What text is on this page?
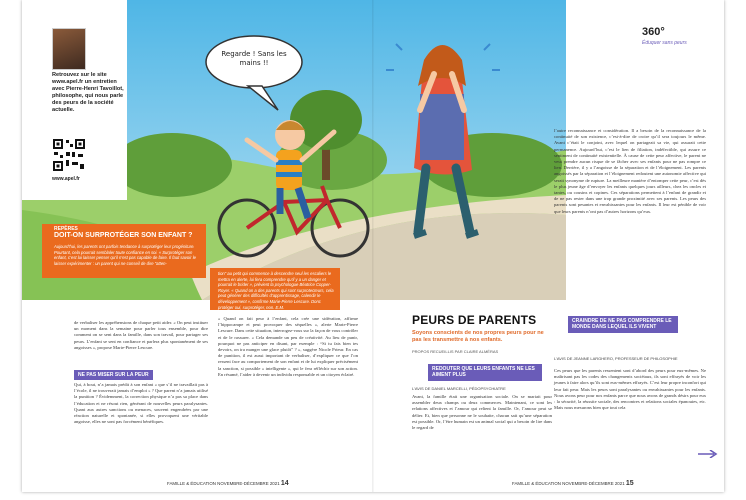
Regarde ! Sans les mains !!
Retrouvez sur le site www.apel.fr un entretien avec Pierre-Henri Tavoillot, philosophe, qui nous parle des peurs de la société actuelle.
www.apel.fr
REPÈRES
DOIT-ON SURPROTÉGER SON ENFANT ?
Aujourd’hui, les parents ont parfois tendance à surprotéger leur progéniture. Pourtant, cela pourrait semblaler toute confiance en soi. « Surprotéger son enfant, c’est lui laisser penser qu’il n’est pas capable de faire. Il faut savoir le laisser expérimenter : un parent qui ne conseil de dire “atten-
tion” au petit qui commence à descendre seul les escaliers le mettra en alerte, lui fera comprendre qu’il y a un danger et pourrait le brider », prévient la psychologue Béatrice Copper-Royer. « Quand on a des parents qui sont surprotecteurs, cela peut générer des difficultés d’apprentissage, calendir le développement », confirme Marie-Pierre Lescure. Donc protéger oui, surprotéger, non. E.M.

de verbaliser les appréhensions de chaque petit aider. « On peut instituer un moment dans la semaine pour parler tous ensemble, pour dire comment on se sent dans la famille, dans son travail, pour partager ses peurs. L’enfant se sent en confiance et parlera plus spontanément de ses angoisses », propose Marie-Pierre Lescure.

NE PAS MISER SUR LA PEUR

Qui, à bout, n’a jamais prédit à son enfant « que s’il ne travaillait pas à l’école, il ne trouverait jamais d’emploi » ? Que parent n’a jamais utilisé la punition ? Évidemment, la correction physique n’a pas sa place dans l’éducation et ne résout rien, générant de nouvelles peurs paralysantes. Quant aux autres sanctions ou menaces, souvent engendrées par une réaction naturelle et spontanée, si elles provoquent une véritable angoisse, elles ne sont pas forcément bénéfiques.

« Quand on fait peur à l’enfant, cela crée une sidération, affirme l’hippocampe et peut provoquer des séquelles », alerte Marie-Pierre Lescure. Dans cette situation, interrogez-vous sur la façon de vous contrôler et de le rassurer. « Cela demande un peu de créativité. Au lieu de punir, pourquoi ne pas anticiper en disant, par exemple : “Si tu fais bien tes devoirs, on ira manger une glace plutôt” ? », suggère Nicole Prieur. En cas de punition, il est aussi important de verbaliser, d’expliquer ce que l’on ressent face au comportement de son enfant et de lui expliquer précisément la sanction, si possible « intelligente », qui le fera réfléchir sur son action. En résumé, l’aider à devenir un individu responsable et un citoyen éclairé.

360°
Éduquer sans peurs

l’autre reconnaissance et considération. Il a besoin de la reconnaissance de la continuité de son existence, c’est-à-dire de croire qu’il sera toujours le même. Avant c’était le conjoint, avec lequel on partageait sa vie, qui assurait cette permanence. Aujourd’hui, c’est le lien de filiation, indéfectible, qui assure ce sentiment de continuité existentielle. À cause de cette peur affective, le parent ne veut prendre aucun risque de se fâcher avec ses enfants pour ne pas rompre ce lien. Derrière, il y a l’angoisse de la séparation et de l’éloignement. Les parents angoissés par la séparation et l’éloignement redoutent une autonomie affective qui serait synonyme de rupture. La meilleure manière d’entomper cette peur, c’est dès le plus jeune âge d’envoyer les enfants quelques jours ailleurs, chez les oncles et tantes, ou cousins et copines. Ces séparations permettent à l’enfant de grandir et de ne pas rester dans une trop grande proximité avec ses parents. Les peurs des parents sont pesantes et envahissantes pour les enfants. Il leur est pénible de voir que leurs parents n’ont pas d’autres horizons qu’eux.

PEURS DE PARENTS
Soyons conscients de nos propres peurs pour ne pas les transmettre à nos enfants.
PROPOS RECUEILLIS PAR CLAIRE ALMÉRAS
REDOUTER QUE LEURS ENFANTS NE LES AIMENT PLUS
L’AVIS DE DANIEL MARCELLI, PÉDOPSYCHIATRE

Avant, la famille était une organisation sociale. On se mariait pour assembler deux champs ou deux commerces. Maintenant, ce sont les relations affectives et l’amour qui relient la famille. Or, l’amour peut se délier. Et, bien que personne ne le souhaite, chacun sait qu’une séparation est possible. Or, l’être humain est un animal social qui a besoin de lire dans le regard de

CRAINDRE DE NE PAS COMPRENDRE LE MONDE DANS LEQUEL ILS VIVENT
L’AVIS DE JEANNE LARGHERO, PROFESSEUR DE PHILOSOPHIE

Ces peurs que les parents ressentent sont d’abord des peurs pour eux-mêmes. Ne maîtrisant pas les codes des changements sociétaux, ils sont effrayés de voir les jeunes à faire alors qu’ils sont eux-mêmes effrayés. C’est leur propre inconfort qui leur fait peur. Mais les peurs sont paralysantes ou envahissantes pour les enfants. Nous avons peur pour nos enfants parce que nous avons de grands désirs pour eux : la sécurité, la réussite sociale, des rencontres et relations sociales épanouies, etc. Mais nous mesurons bien que tout cela

FAMILLE & ÉDUCATION NOVEMBRE-DÉCEMBRE 2021 14	FAMILLE & ÉDUCATION NOVEMBRE-DÉCEMBRE 2021 15
